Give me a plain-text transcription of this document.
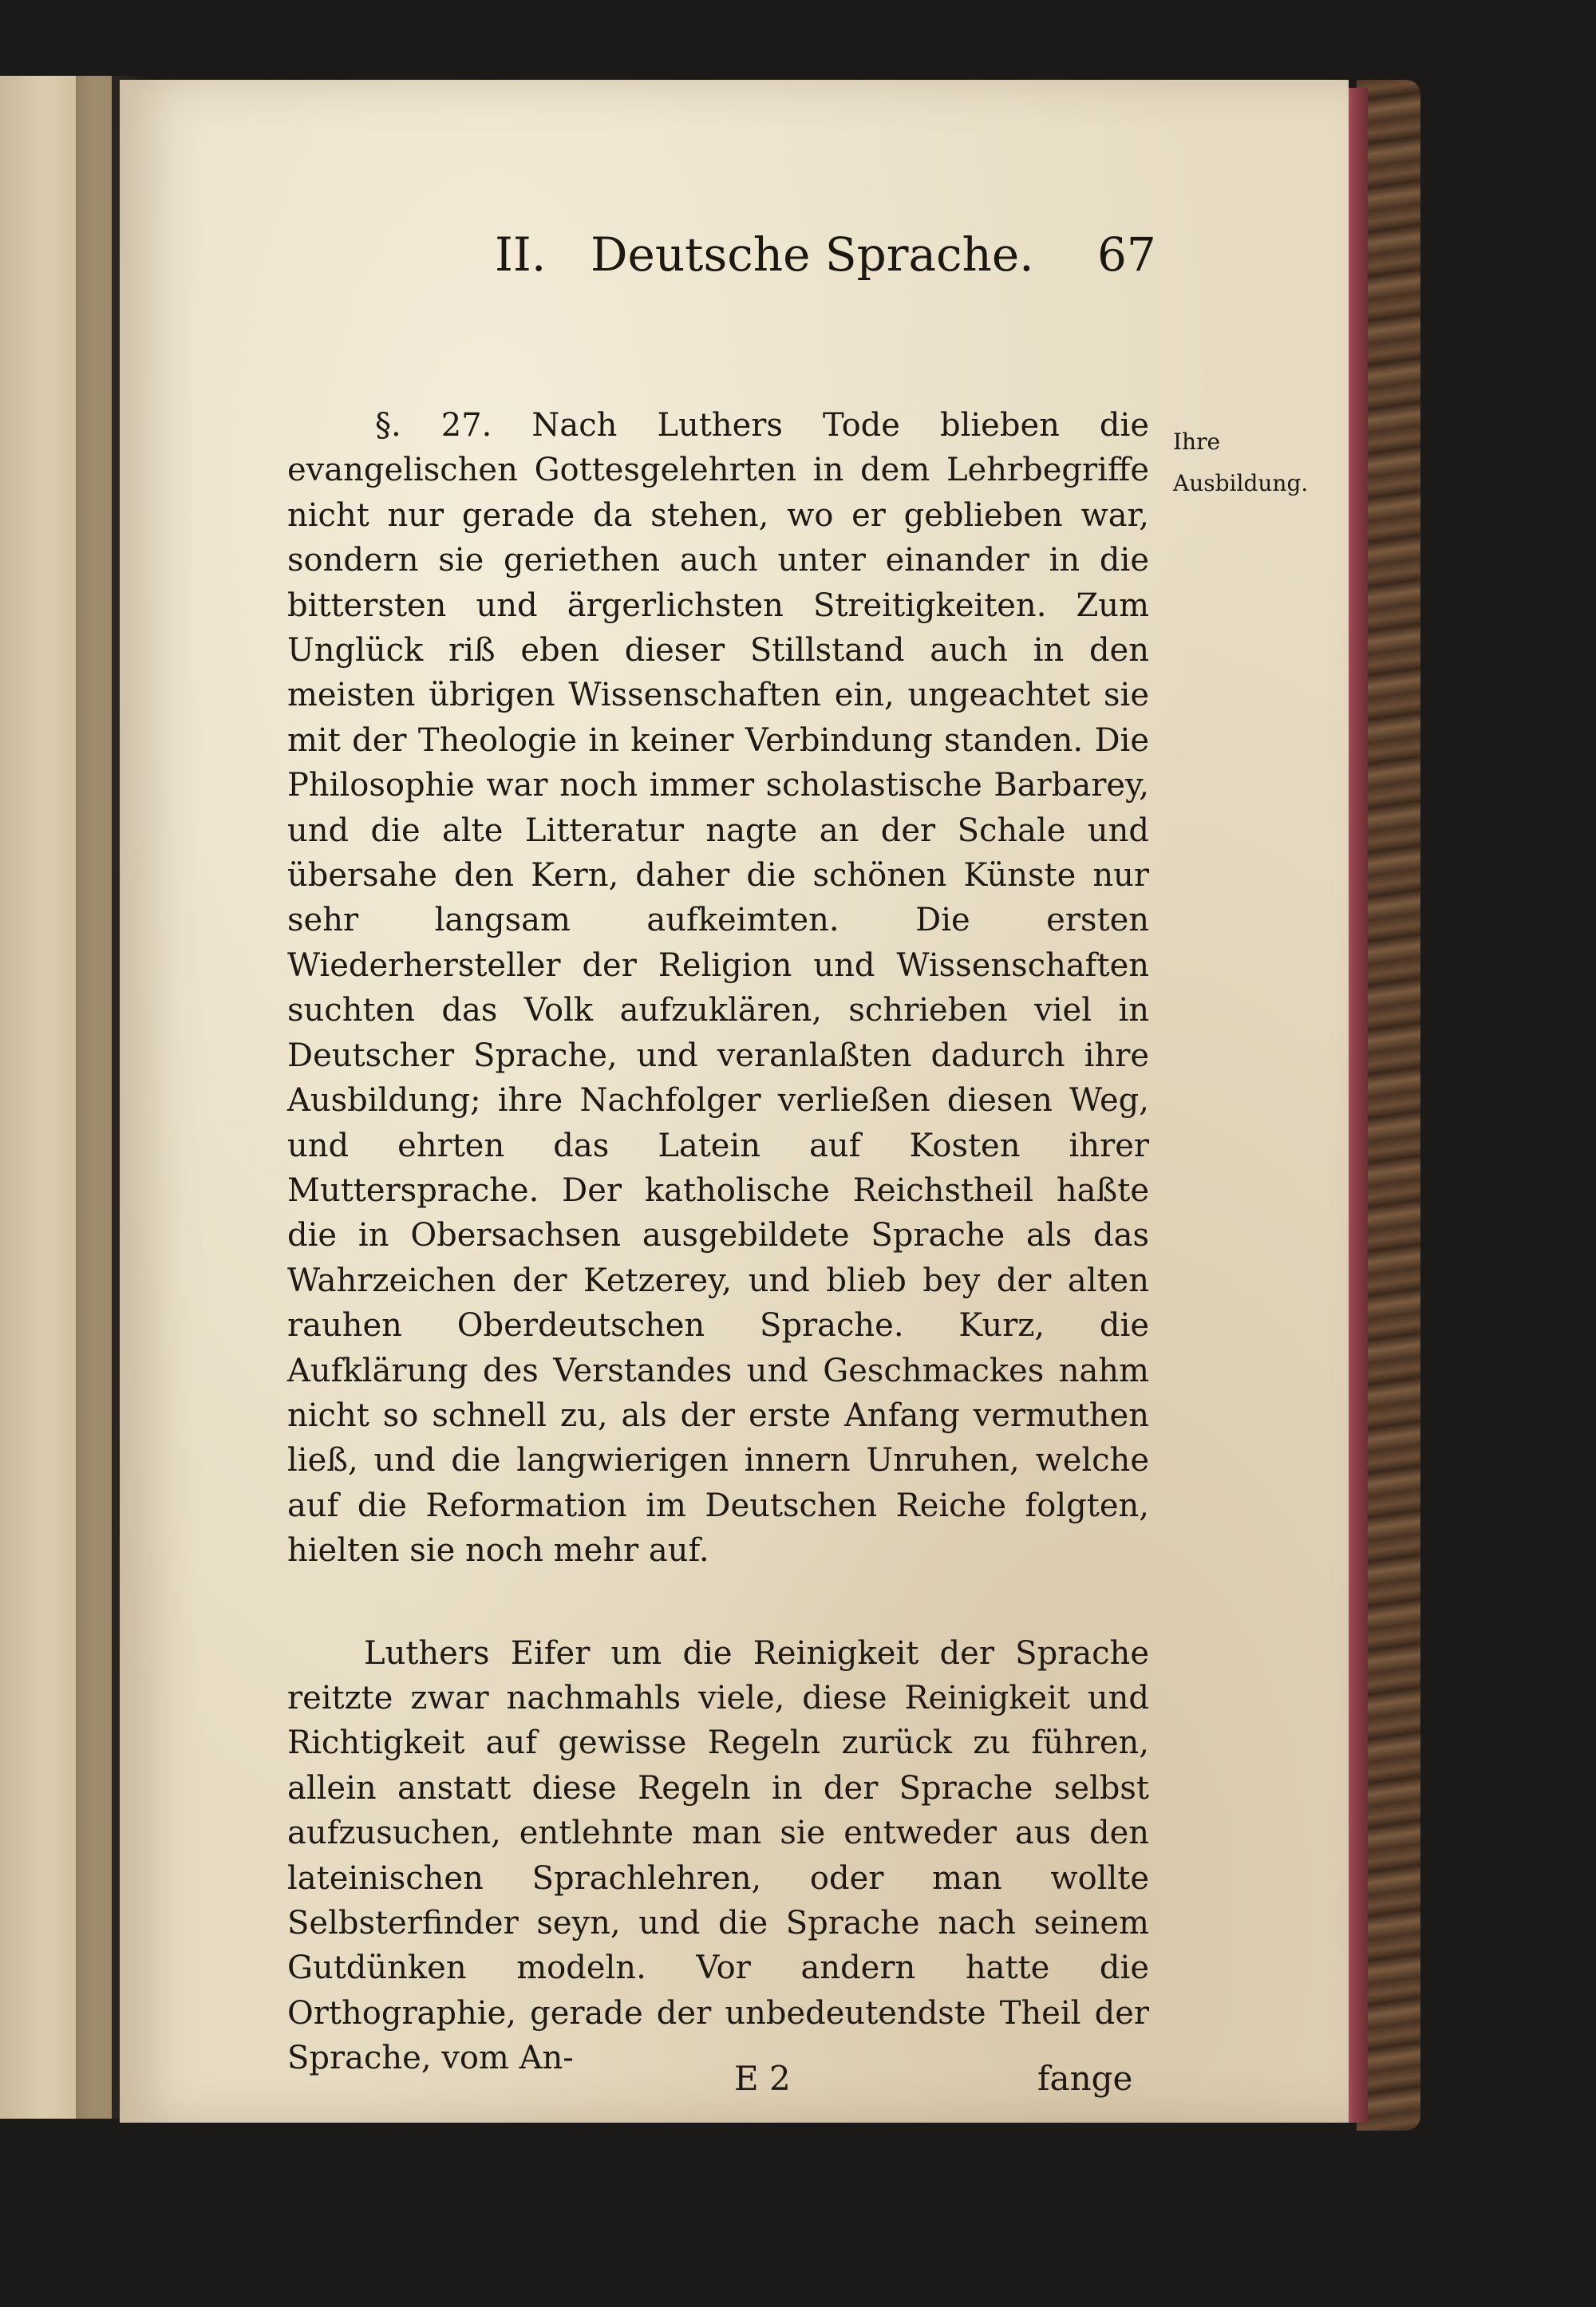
II. Deutsche Sprache. 67
Ihre Ausbildung.

§. 27. Nach Luthers Tode blieben die evangelischen Gottesgelehrten in dem Lehrbegriffe nicht nur gerade da stehen, wo er geblieben war, sondern sie geriethen auch unter einander in die bittersten und ärgerlichsten Streitigkeiten. Zum Unglück riß eben dieser Stillstand auch in den meisten übrigen Wissenschaften ein, ungeachtet sie mit der Theologie in keiner Verbindung standen. Die Philosophie war noch immer scholastische Barbarey, und die alte Litteratur nagte an der Schale und übersahe den Kern, daher die schönen Künste nur sehr langsam aufkeimten. Die ersten Wiederhersteller der Religion und Wissenschaften suchten das Volk aufzuklären, schrieben viel in Deutscher Sprache, und veranlaßten dadurch ihre Ausbildung; ihre Nachfolger verließen diesen Weg, und ehrten das Latein auf Kosten ihrer Muttersprache. Der katholische Reichstheil haßte die in Obersachsen ausgebildete Sprache als das Wahrzeichen der Ketzerey, und blieb bey der alten rauhen Oberdeutschen Sprache. Kurz, die Aufklärung des Verstandes und Geschmackes nahm nicht so schnell zu, als der erste Anfang vermuthen ließ, und die langwierigen innern Unruhen, welche auf die Reformation im Deutschen Reiche folgten, hielten sie noch mehr auf.

Luthers Eifer um die Reinigkeit der Sprache reitzte zwar nachmahls viele, diese Reinigkeit und Richtigkeit auf gewisse Regeln zurück zu führen, allein anstatt diese Regeln in der Sprache selbst aufzusuchen, entlehnte man sie entweder aus den lateinischen Sprachlehren, oder man wollte Selbsterfinder seyn, und die Sprache nach seinem Gutdünken modeln. Vor andern hatte die Orthographie, gerade der unbedeutendste Theil der Sprache, vom An-

E 2	fange
